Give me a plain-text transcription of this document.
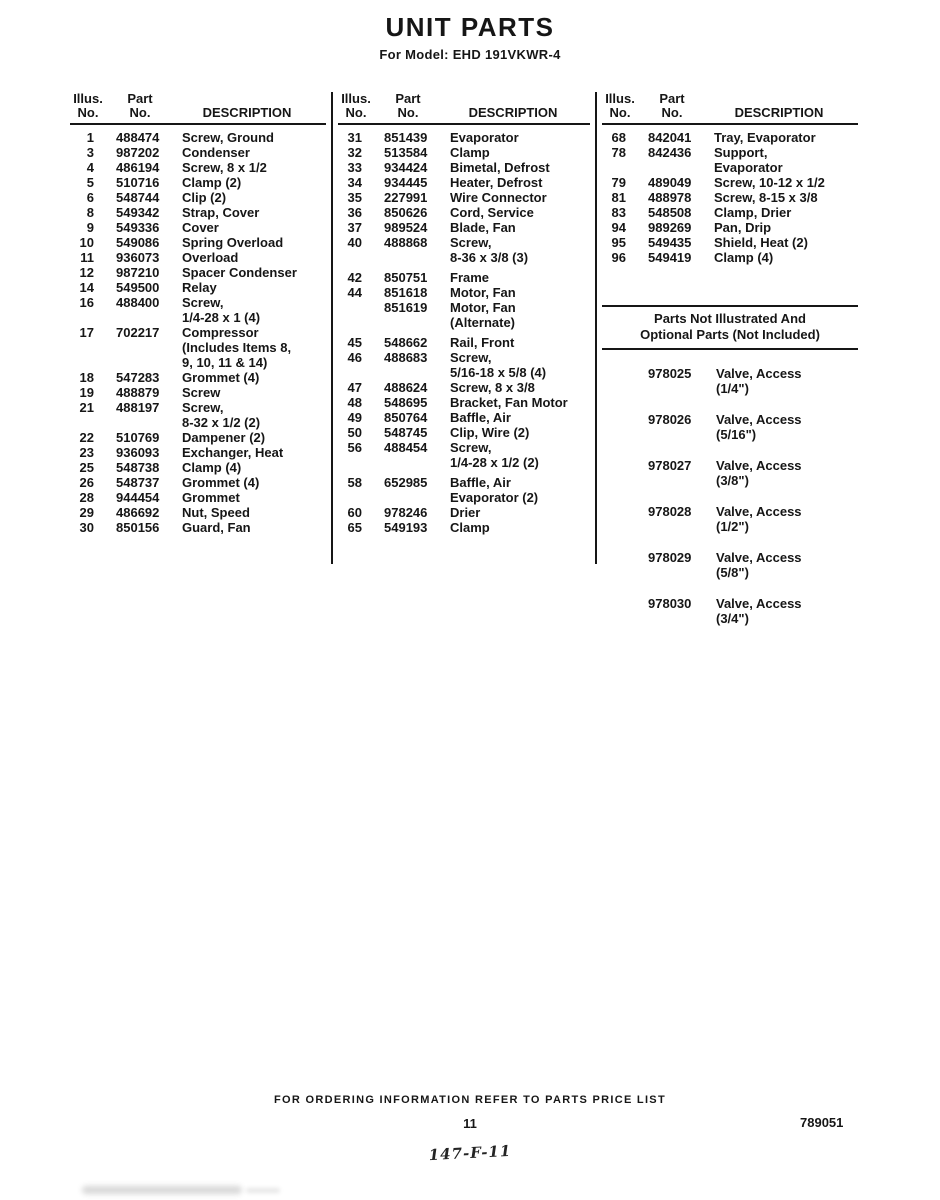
UNIT PARTS
For Model: EHD 191VKWR-4
Illus.
No.
Part
No.	DESCRIPTION
1 488474	Screw, Ground
3 987202	Condenser
4 486194	Screw, 8 x 1/2
5 510716	Clamp (2)
6 548744	Clip (2)
8 549342	Strap, Cover
9 549336	Cover
10 549086	Spring Overload
11 936073	Overload
12 987210	Spacer Condenser
14 549500	Relay
16 488400	Screw,
1/4-28 x 1 (4)
17 702217	Compressor
(Includes Items 8,
9, 10, 11 & 14)
18 547283	Grommet (4)
19 488879	Screw
21 488197	Screw,
8-32 x 1/2 (2)
22 510769	Dampener (2)
23 936093	Exchanger, Heat
25 548738	Clamp (4)
26 548737	Grommet (4)
28 944454	Grommet
29 486692	Nut, Speed
30 850156	Guard, Fan
Illus.
No.
Part
No.	DESCRIPTION
31 851439	Evaporator
32 513584	Clamp
33 934424	Bimetal, Defrost
34 934445	Heater, Defrost
35 227991	Wire Connector
36 850626	Cord, Service
37 989524	Blade, Fan
40 488868	Screw,
8-36 x 3/8 (3)
42 850751	Frame
44 851618	Motor, Fan
851619	Motor, Fan
(Alternate)
45 548662	Rail, Front
46 488683	Screw,
5/16-18 x 5/8 (4)
47 488624	Screw, 8 x 3/8
48 548695	Bracket, Fan Motor
49 850764	Baffle, Air
50 548745	Clip, Wire (2)
56 488454	Screw,
1/4-28 x 1/2 (2)
58 652985	Baffle, Air
Evaporator (2)
60 978246	Drier
65 549193	Clamp
Illus.
No.
Part
No.	DESCRIPTION
68 842041	Tray, Evaporator
78 842436	Support,
Evaporator
79 489049	Screw, 10-12 x 1/2
81 488978	Screw, 8-15 x 3/8
83 548508	Clamp, Drier
94 989269	Pan, Drip
95 549435	Shield, Heat (2)
96 549419	Clamp (4)
Parts Not Illustrated And
Optional Parts (Not Included)
978025	Valve, Access
(1/4")
978026	Valve, Access
(5/16")
978027	Valve, Access
(3/8")
978028	Valve, Access
(1/2")
978029	Valve, Access
(5/8")
978030	Valve, Access
(3/4")
FOR ORDERING INFORMATION REFER TO PARTS PRICE LIST
11	789051
147-F-11
